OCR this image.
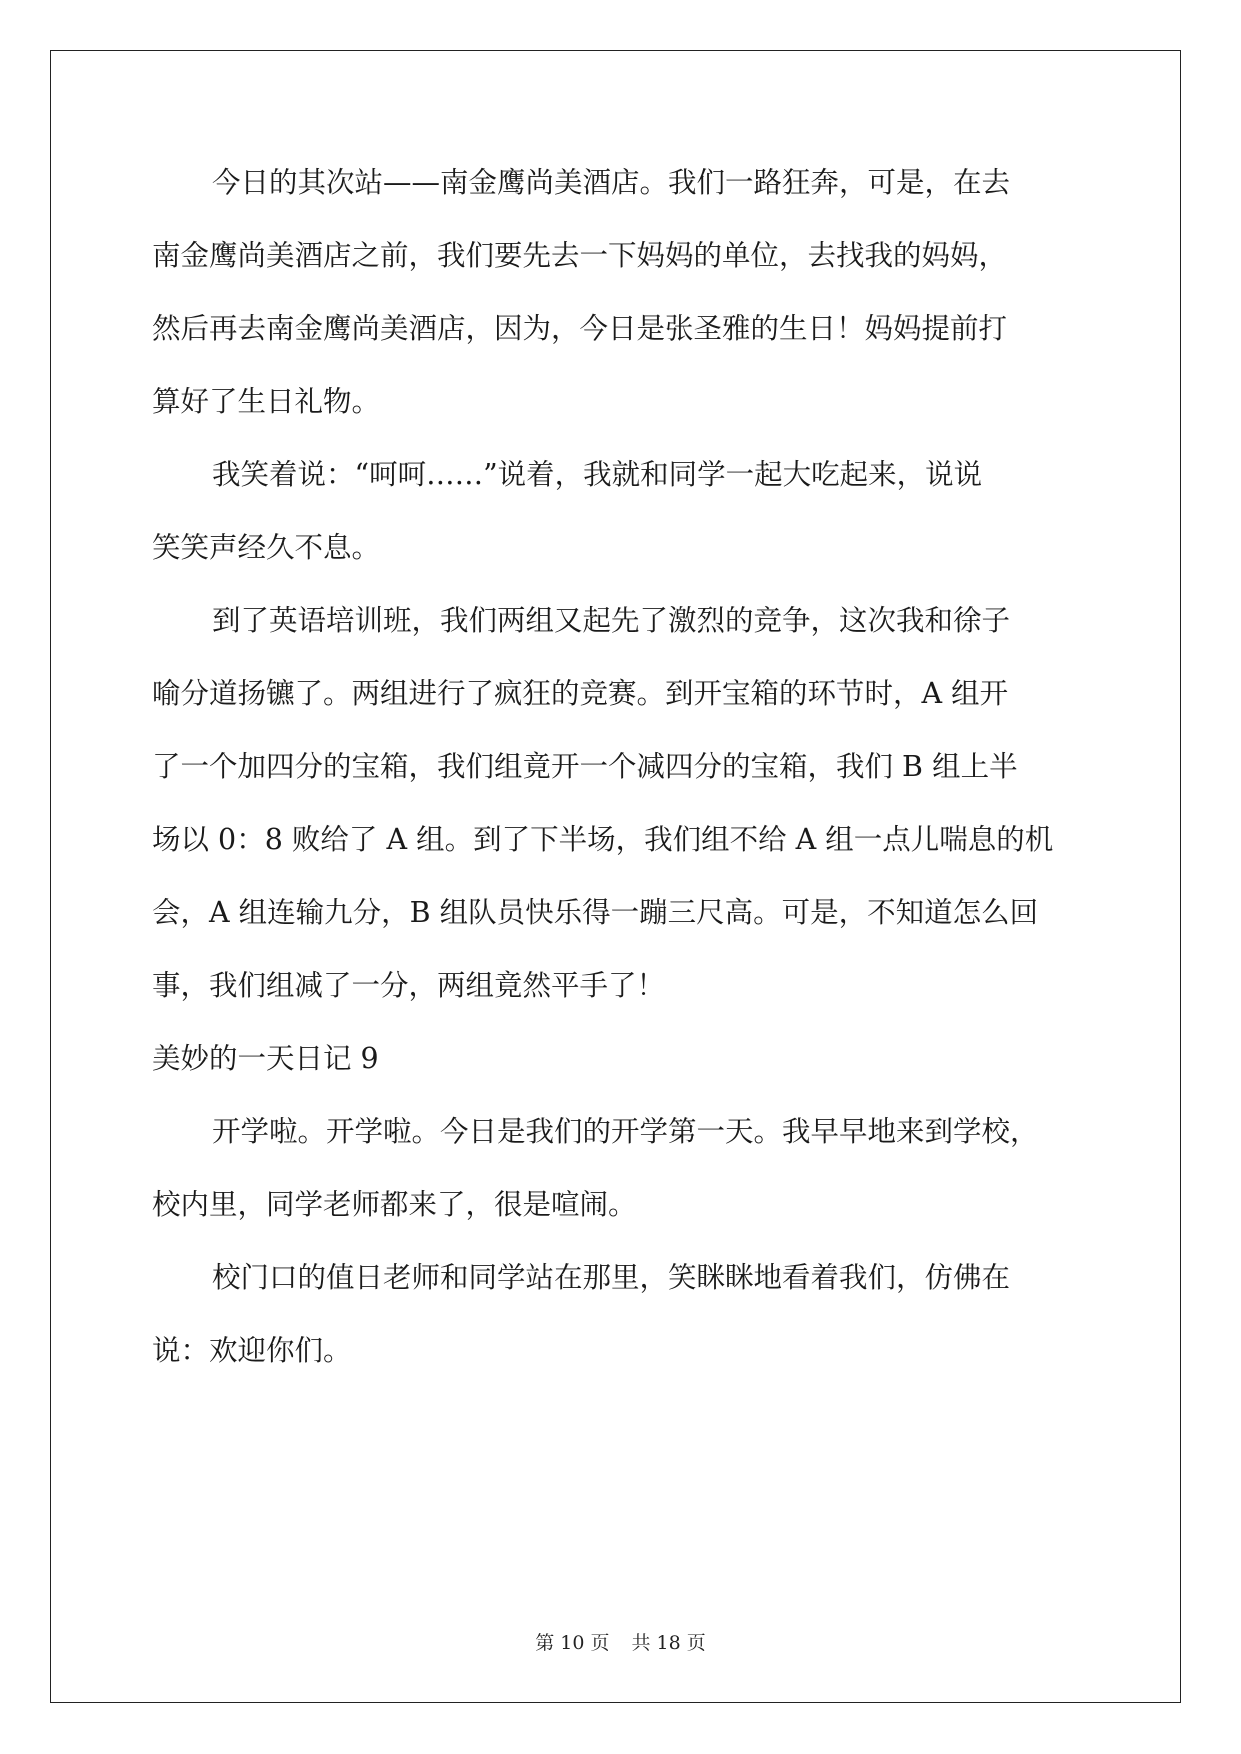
今日的其次站——南金鹰尚美酒店。我们一路狂奔，可是，在去
南金鹰尚美酒店之前，我们要先去一下妈妈的单位，去找我的妈妈，
然后再去南金鹰尚美酒店，因为，今日是张圣雅的生日！妈妈提前打
算好了生日礼物。
我笑着说：“呵呵……”说着，我就和同学一起大吃起来，说说
笑笑声经久不息。
到了英语培训班，我们两组又起先了激烈的竞争，这次我和徐子
喻分道扬镳了。两组进行了疯狂的竞赛。到开宝箱的环节时，A 组开
了一个加四分的宝箱，我们组竟开一个减四分的宝箱，我们 B 组上半
场以 0：8 败给了 A 组。到了下半场，我们组不给 A 组一点儿喘息的机
会，A 组连输九分，B 组队员快乐得一蹦三尺高。可是，不知道怎么回
事，我们组减了一分，两组竟然平手了！
美妙的一天日记 9
开学啦。开学啦。今日是我们的开学第一天。我早早地来到学校，
校内里，同学老师都来了，很是喧闹。
校门口的值日老师和同学站在那里，笑眯眯地看着我们，仿佛在
说：欢迎你们。
第 10 页 共 18 页
